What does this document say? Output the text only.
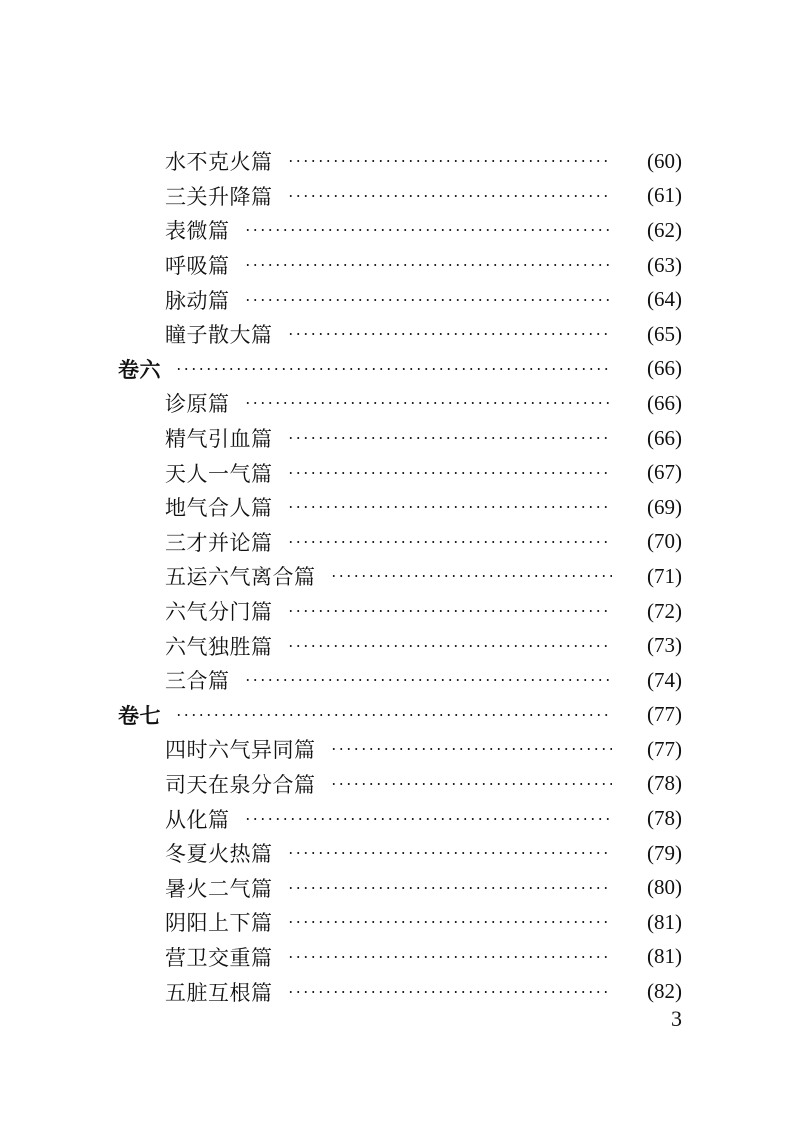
水不克火篇	(60)
三关升降篇	(61)
表微篇	(62)
呼吸篇	(63)
脉动篇	(64)
瞳子散大篇	(65)
卷六	(66)
诊原篇	(66)
精气引血篇	(66)
天人一气篇	(67)
地气合人篇	(69)
三才并论篇	(70)
五运六气离合篇	(71)
六气分门篇	(72)
六气独胜篇	(73)
三合篇	(74)
卷七	(77)
四时六气异同篇	(77)
司天在泉分合篇	(78)
从化篇	(78)
冬夏火热篇	(79)
暑火二气篇	(80)
阴阳上下篇	(81)
营卫交重篇	(81)
五脏互根篇	(82)
3
